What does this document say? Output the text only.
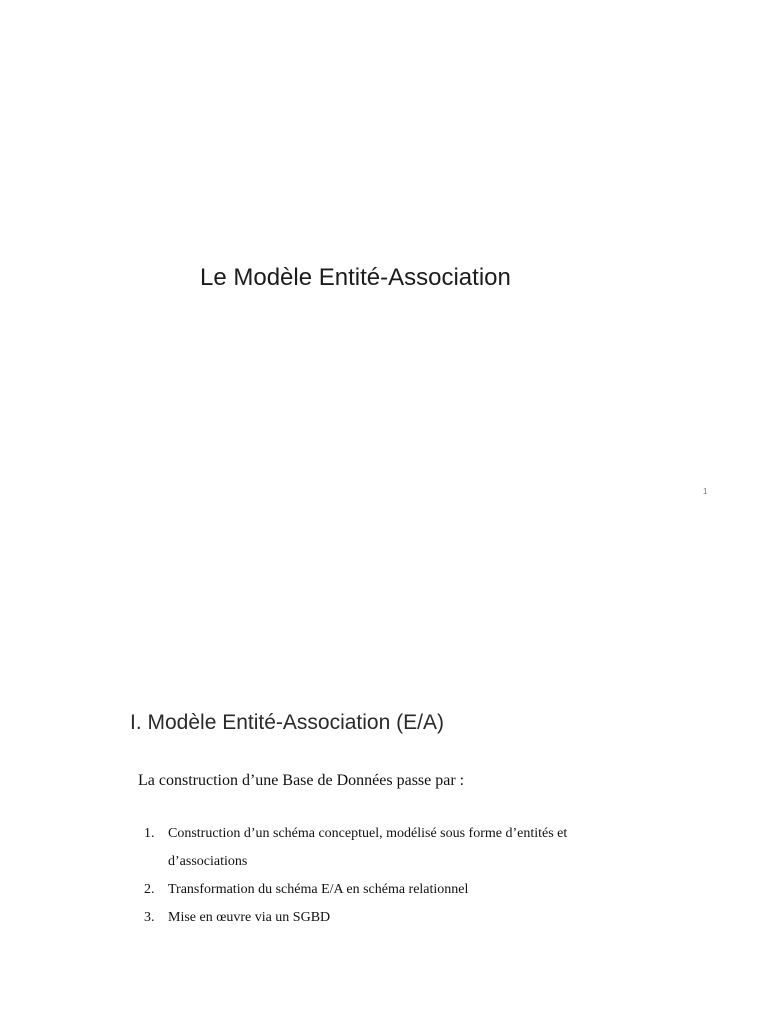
Le Modèle Entité-Association
1
I. Modèle Entité-Association (E/A)
La construction d’une Base de Données passe par :
1. Construction d’un schéma conceptuel, modélisé sous forme d’entités et d’associations
2. Transformation du schéma E/A en schéma relationnel
3. Mise en œuvre via un SGBD
